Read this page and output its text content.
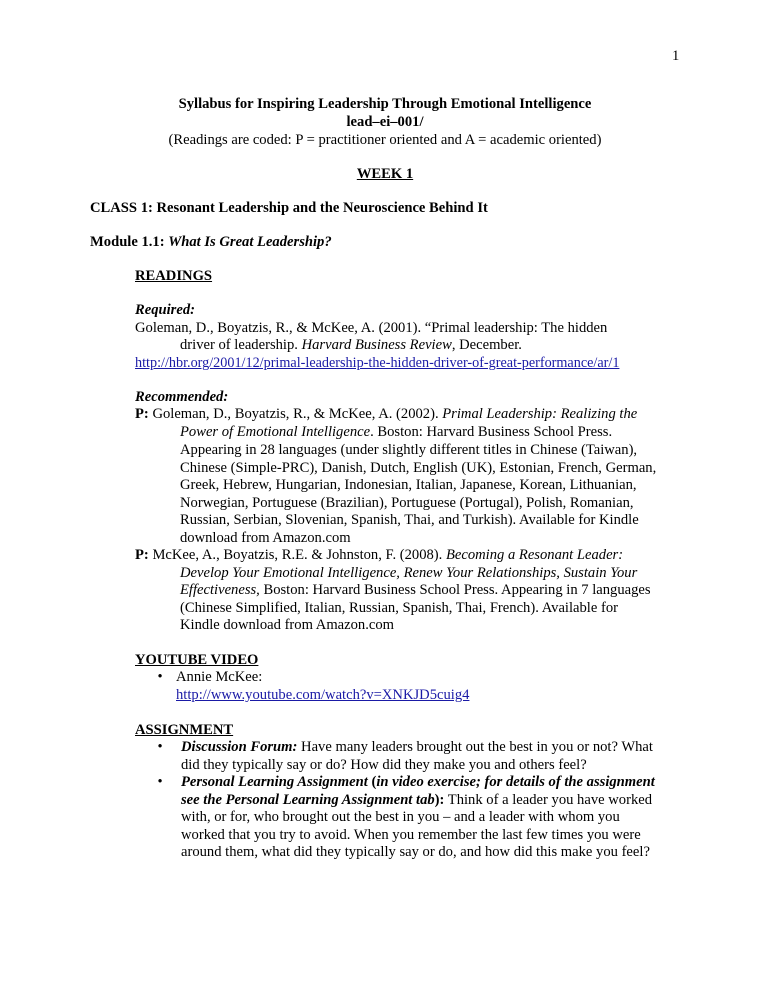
1
Syllabus for Inspiring Leadership Through Emotional Intelligence
lead–ei–001/
(Readings are coded: P = practitioner oriented and A = academic oriented)
WEEK 1
CLASS 1: Resonant Leadership and the Neuroscience Behind It
Module 1.1: What Is Great Leadership?
READINGS
Required:
Goleman, D., Boyatzis, R., & McKee, A. (2001). “Primal leadership: The hidden
driver of leadership. Harvard Business Review, December.
http://hbr.org/2001/12/primal-leadership-the-hidden-driver-of-great-performance/ar/1
Recommended:
P: Goleman, D., Boyatzis, R., & McKee, A. (2002). Primal Leadership: Realizing the
Power of Emotional Intelligence. Boston: Harvard Business School Press.
Appearing in 28 languages (under slightly different titles in Chinese (Taiwan),
Chinese (Simple-PRC), Danish, Dutch, English (UK), Estonian, French, German,
Greek, Hebrew, Hungarian, Indonesian, Italian, Japanese, Korean, Lithuanian,
Norwegian, Portuguese (Brazilian), Portuguese (Portugal), Polish, Romanian,
Russian, Serbian, Slovenian, Spanish, Thai, and Turkish). Available for Kindle
download from Amazon.com
P: McKee, A., Boyatzis, R.E. & Johnston, F. (2008). Becoming a Resonant Leader:
Develop Your Emotional Intelligence, Renew Your Relationships, Sustain Your
Effectiveness, Boston: Harvard Business School Press. Appearing in 7 languages
(Chinese Simplified, Italian, Russian, Spanish, Thai, French). Available for
Kindle download from Amazon.com
YOUTUBE VIDEO
• Annie McKee:
http://www.youtube.com/watch?v=XNKJD5cuig4
ASSIGNMENT
•	Discussion Forum: Have many leaders brought out the best in you or not? What
did they typically say or do? How did they make you and others feel?
•	Personal Learning Assignment (in video exercise; for details of the assignment
see the Personal Learning Assignment tab): Think of a leader you have worked
with, or for, who brought out the best in you – and a leader with whom you
worked that you try to avoid. When you remember the last few times you were
around them, what did they typically say or do, and how did this make you feel?
